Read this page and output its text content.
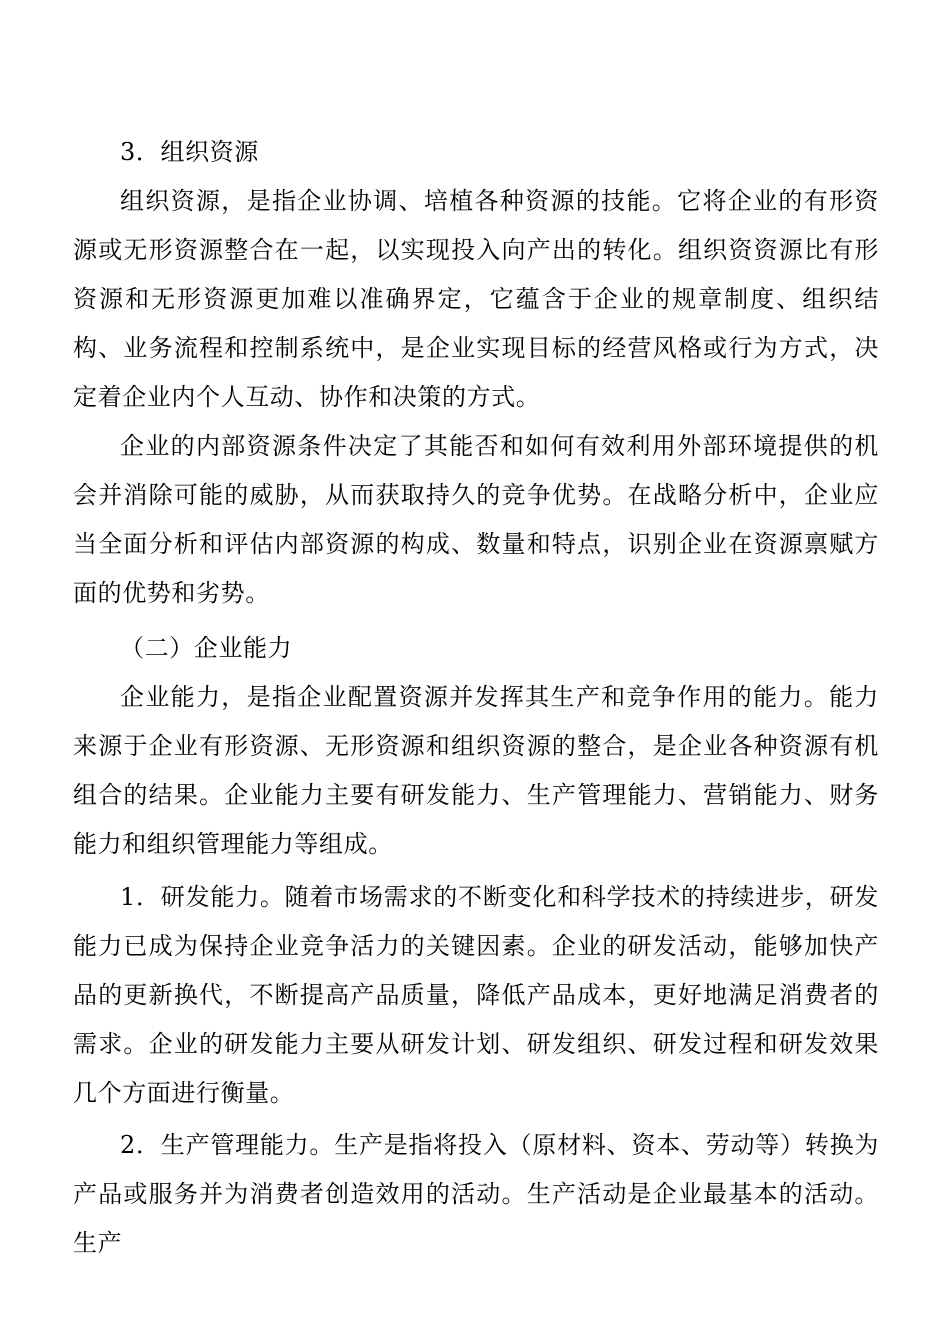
3．组织资源

组织资源，是指企业协调、培植各种资源的技能。它将企业的有形资源或无形资源整合在一起，以实现投入向产出的转化。组织资资源比有形资源和无形资源更加难以准确界定，它蕴含于企业的规章制度、组织结构、业务流程和控制系统中，是企业实现目标的经营风格或行为方式，决定着企业内个人互动、协作和决策的方式。

企业的内部资源条件决定了其能否和如何有效利用外部环境提供的机会并消除可能的威胁，从而获取持久的竞争优势。在战略分析中，企业应当全面分析和评估内部资源的构成、数量和特点，识别企业在资源禀赋方面的优势和劣势。

（二）企业能力

企业能力，是指企业配置资源并发挥其生产和竞争作用的能力。能力来源于企业有形资源、无形资源和组织资源的整合，是企业各种资源有机组合的结果。企业能力主要有研发能力、生产管理能力、营销能力、财务能力和组织管理能力等组成。

1．研发能力。随着市场需求的不断变化和科学技术的持续进步，研发能力已成为保持企业竞争活力的关键因素。企业的研发活动，能够加快产品的更新换代，不断提高产品质量，降低产品成本，更好地满足消费者的需求。企业的研发能力主要从研发计划、研发组织、研发过程和研发效果几个方面进行衡量。

2．生产管理能力。生产是指将投入（原材料、资本、劳动等）转换为产品或服务并为消费者创造效用的活动。生产活动是企业最基本的活动。生产
